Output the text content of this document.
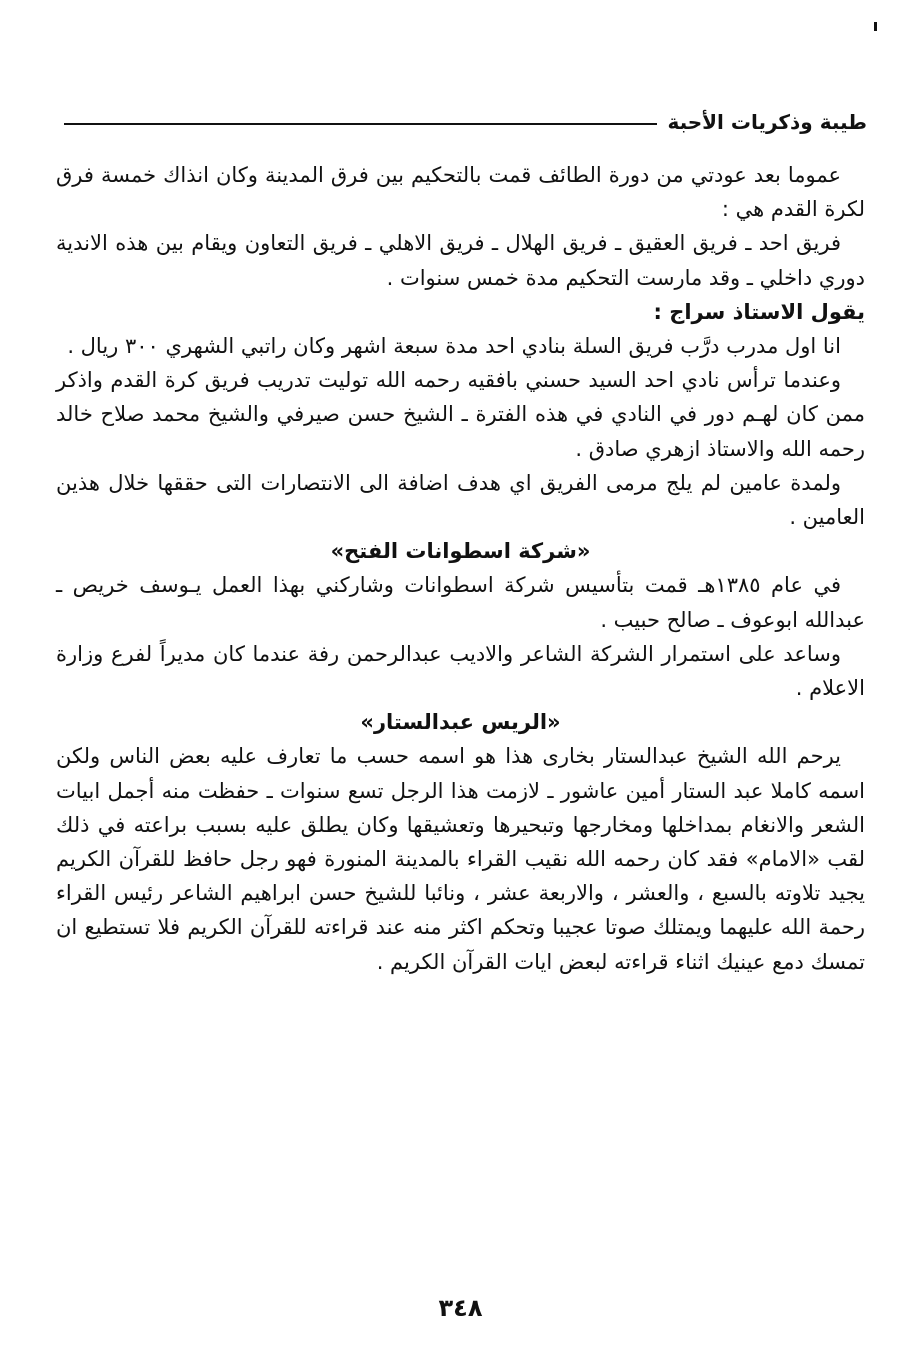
طيبة وذكريات الأحبة

عموما بعد عودتي من دورة الطائف قمت بالتحكيم بين فرق المدينة وكان انذاك خمسة فرق لكرة القدم هي :

فريق احد ـ فريق العقيق ـ فريق الهلال ـ فريق الاهلي ـ فريق التعاون ويقام بين هذه الاندية دوري داخلي ـ وقد مارست التحكيم مدة خمس سنوات .

يقول الاستاذ سراج :

انا اول مدرب درَّب فريق السلة بنادي احد مدة سبعة اشهر وكان راتبي الشهري ٣٠٠ ريال .

وعندما ترأس نادي احد السيد حسني بافقيه رحمه الله توليت تدريب فريق كرة القدم واذكر ممن كان لهـم دور في النادي في هذه الفترة ـ الشيخ حسن صيرفي والشيخ محمد صلاح خالد رحمه الله والاستاذ ازهري صادق .

ولمدة عامين لم يلج مرمى الفريق اي هدف اضافة الى الانتصارات التى حققها خلال هذين العامين .

«شركة اسطوانات الفتح»

في عام ١٣٨٥هـ قمت بتأسيس شركة اسطوانات وشاركني بهذا العمل يـوسف خريص ـ عبدالله ابوعوف ـ صالح حبيب .

وساعد على استمرار الشركة الشاعر والاديب عبدالرحمن رفة عندما كان مديراً لفرع وزارة الاعلام .

«الريس عبدالستار»

يرحم الله الشيخ عبدالستار بخارى هذا هو اسمه حسب ما تعارف عليه بعض الناس ولكن اسمه كاملا عبد الستار أمين عاشور ـ لازمت هذا الرجل تسع سنوات ـ حفظت منه أجمل ابيات الشعر والانغام بمداخلها ومخارجها وتبحيرها وتعشيقها وكان يطلق عليه بسبب براعته في ذلك لقب «الامام» فقد كان رحمه الله نقيب القراء بالمدينة المنورة فهو رجل حافظ للقرآن الكريم يجيد تلاوته بالسبع ، والعشر ، والاربعة عشر ، ونائبا للشيخ حسن ابراهيم الشاعر رئيس القراء رحمة الله عليهما ويمتلك صوتا عجيبا وتحكم اكثر منه عند قراءته للقرآن الكريم فلا تستطيع ان تمسك دمع عينيك اثناء قراءته لبعض ايات القرآن الكريم .

٣٤٨
